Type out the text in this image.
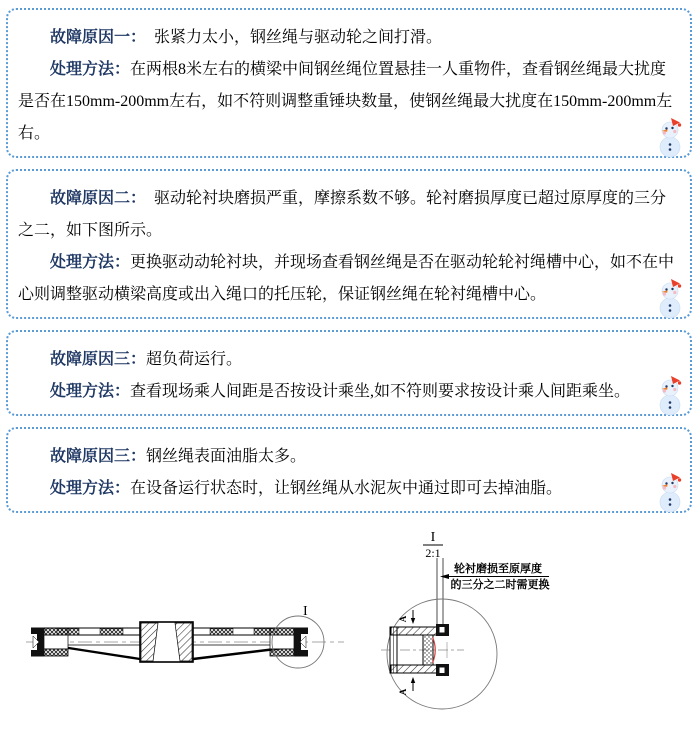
故障原因一：　张紧力太小，钢丝绳与驱动轮之间打滑。

处理方法：在两根8米左右的横梁中间钢丝绳位置悬挂一人重物件，查看钢丝绳最大扰度是否在150mm-200mm左右，如不符则调整重锤块数量，使钢丝绳最大扰度在150mm-200mm左右。

故障原因二：　驱动轮衬块磨损严重，摩擦系数不够。轮衬磨损厚度已超过原厚度的三分之二，如下图所示。

处理方法：更换驱动动轮衬块，并现场查看钢丝绳是否在驱动轮轮衬绳槽中心，如不在中心则调整驱动横梁高度或出入绳口的托压轮，保证钢丝绳在轮衬绳槽中心。

故障原因三：超负荷运行。

处理方法：查看现场乘人间距是否按设计乘坐,如不符则要求按设计乘人间距乘坐。

故障原因三：钢丝绳表面油脂太多。

处理方法：在设备运行状态时，让钢丝绳从水泥灰中通过即可去掉油脂。

I
I
2:1
轮衬磨损至原厚度
的三分之二时需更换
A
A
